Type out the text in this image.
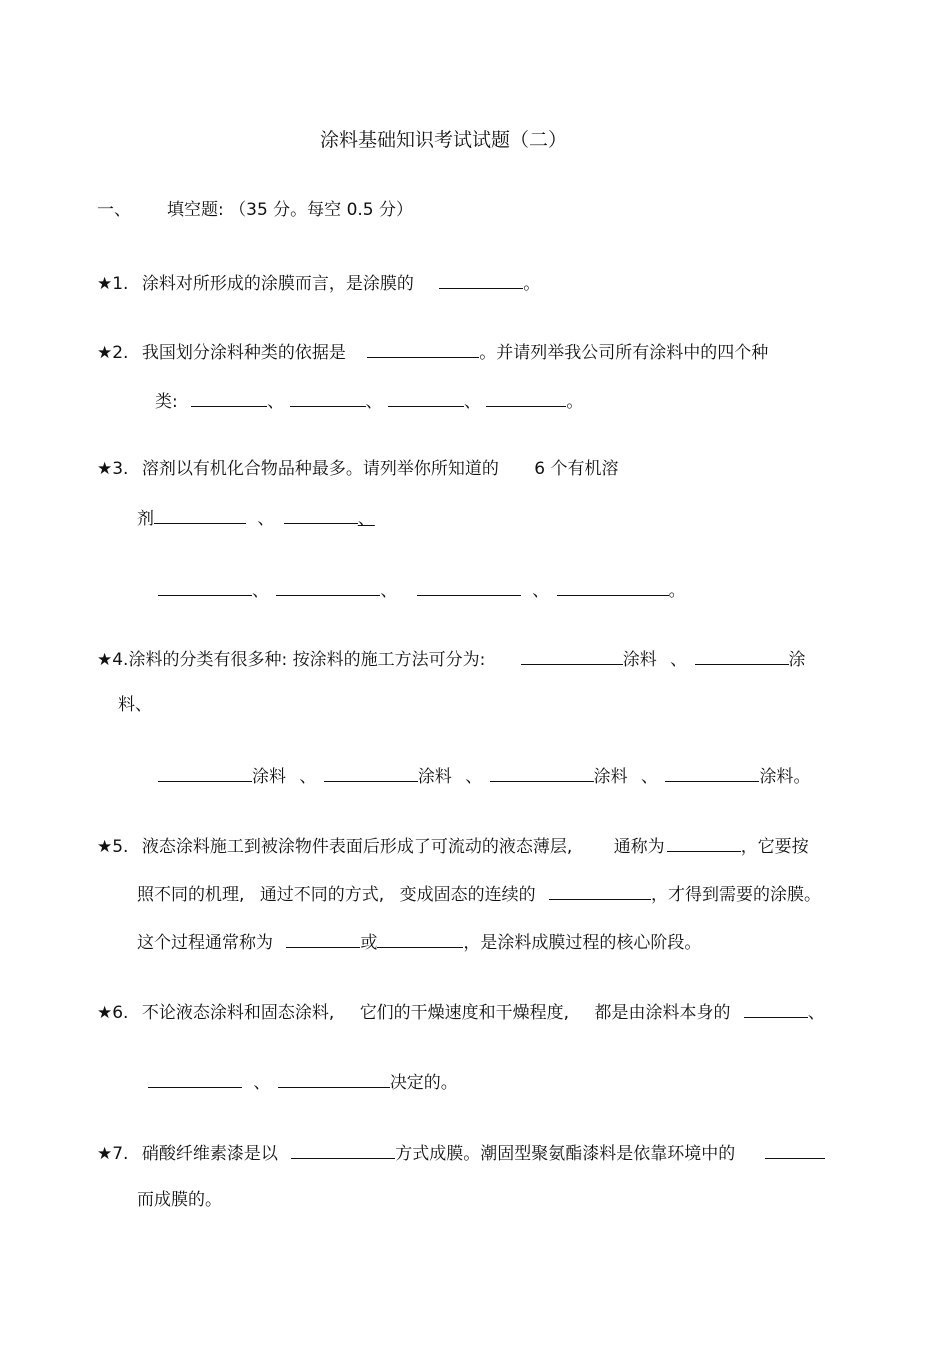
涂料基础知识考试试题（二）
一、 填空题: （35 分。每空 0.5 分）
★1. 涂料对所形成的涂膜而言，是涂膜的	。
★2. 我国划分涂料种类的依据是	。并请列举我公司所有涂料中的四个种
类:	、	、	、	。
★3. 溶剂以有机化合物品种最多。请列举你所知道的 6 个有机溶
剂	、	、
、	、	、	。
★4.涂料的分类有很多种: 按涂料的施工方法可分为:	涂料 、	涂
料、
涂料 、	涂料 、	涂料 、	涂料。
★5. 液态涂料施工到被涂物件表面后形成了可流动的液态薄层, 通称为	，它要按
照不同的机理, 通过不同的方式, 变成固态的连续的	，才得到需要的涂膜。
这个过程通常称为	或	，是涂料成膜过程的核心阶段。
★6. 不论液态涂料和固态涂料, 它们的干燥速度和干燥程度, 都是由涂料本身的	、
、	决定的。
★7. 硝酸纤维素漆是以	方式成膜。潮固型聚氨酯漆料是依靠环境中的
而成膜的。
